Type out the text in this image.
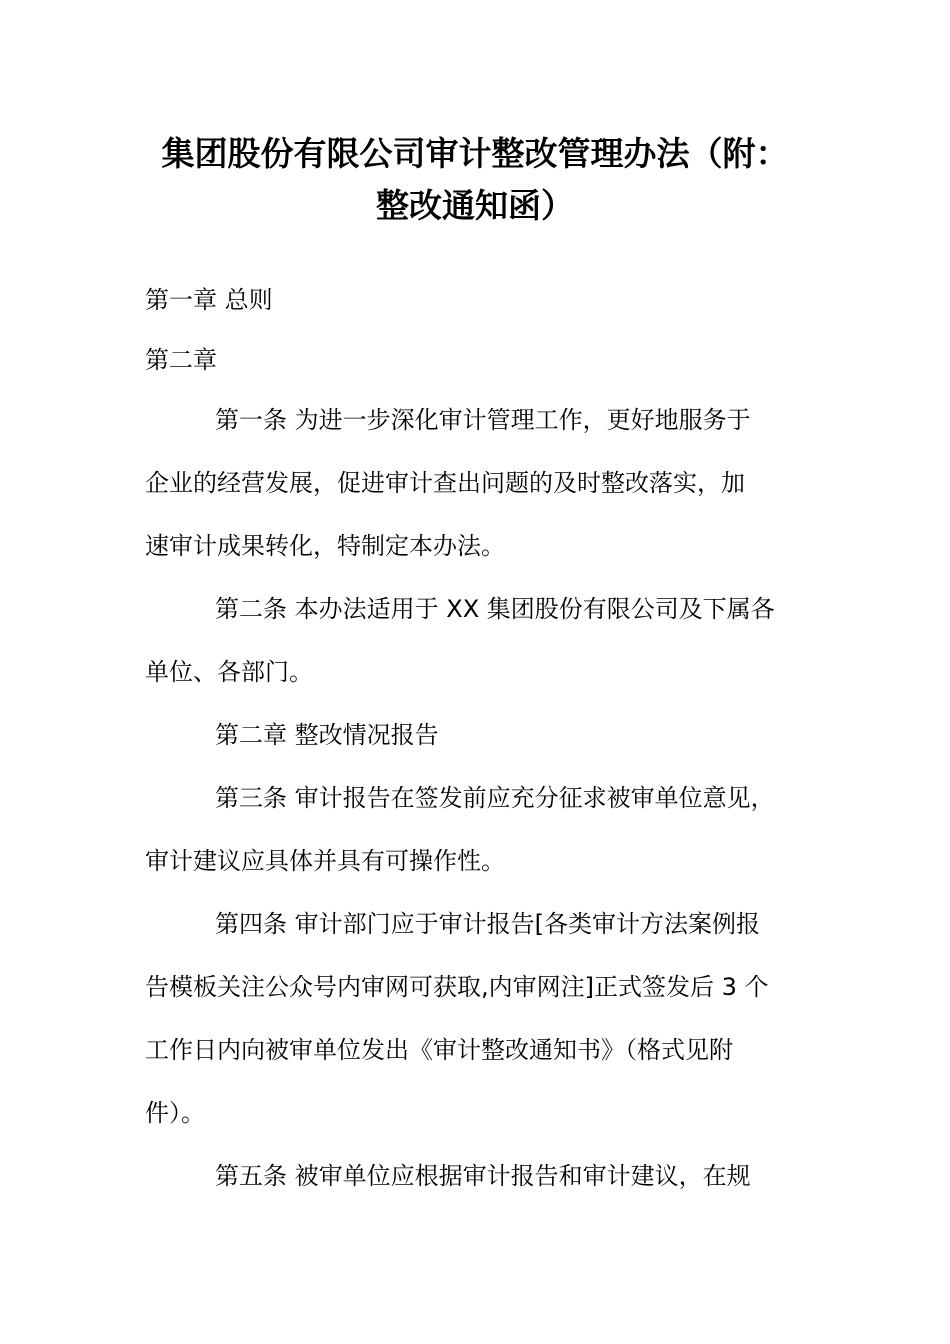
集团股份有限公司审计整改管理办法（附：
整改通知函）

第一章 总则

第二章

第一条 为进一步深化审计管理工作，更好地服务于

企业的经营发展，促进审计查出问题的及时整改落实，加

速审计成果转化，特制定本办法。

第二条 本办法适用于 XX 集团股份有限公司及下属各

单位、各部门。

第二章 整改情况报告

第三条 审计报告在签发前应充分征求被审单位意见，

审计建议应具体并具有可操作性。

第四条 审计部门应于审计报告[各类审计方法案例报

告模板关注公众号内审网可获取,内审网注]正式签发后 3 个

工作日内向被审单位发出《审计整改通知书》（格式见附

件）。

第五条 被审单位应根据审计报告和审计建议，在规
